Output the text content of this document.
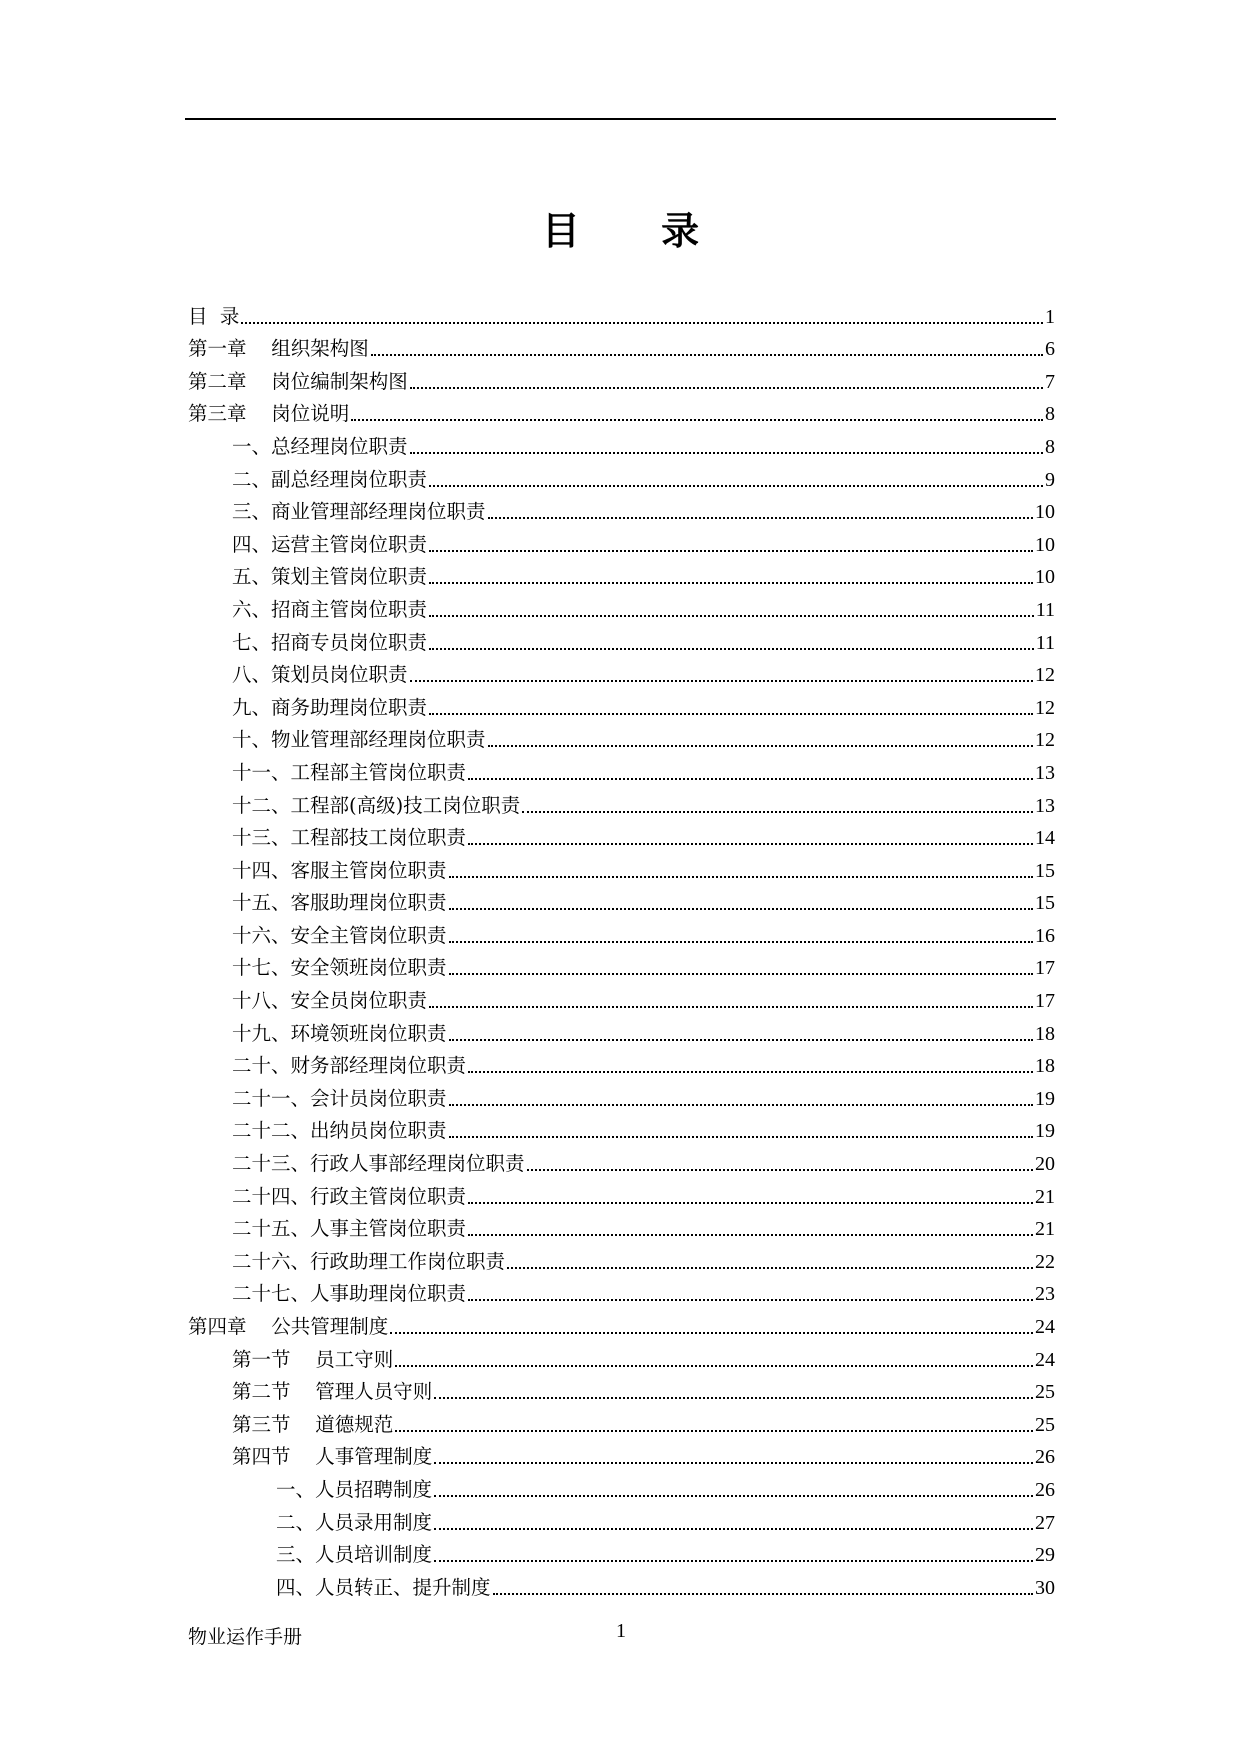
目 录
目  录	1
第一章    组织架构图	6
第二章    岗位编制架构图	7
第三章    岗位说明	8
一、总经理岗位职责	8
二、副总经理岗位职责	9
三、商业管理部经理岗位职责	10
四、运营主管岗位职责	10
五、策划主管岗位职责	10
六、招商主管岗位职责	11
七、招商专员岗位职责	11
八、策划员岗位职责	12
九、商务助理岗位职责	12
十、物业管理部经理岗位职责	12
十一、工程部主管岗位职责	13
十二、工程部(高级)技工岗位职责	13
十三、工程部技工岗位职责	14
十四、客服主管岗位职责	15
十五、客服助理岗位职责	15
十六、安全主管岗位职责	16
十七、安全领班岗位职责	17
十八、安全员岗位职责	17
十九、环境领班岗位职责	18
二十、财务部经理岗位职责	18
二十一、会计员岗位职责	19
二十二、出纳员岗位职责	19
二十三、行政人事部经理岗位职责	20
二十四、行政主管岗位职责	21
二十五、人事主管岗位职责	21
二十六、行政助理工作岗位职责	22
二十七、人事助理岗位职责	23
第四章    公共管理制度	24
第一节    员工守则	24
第二节    管理人员守则	25
第三节    道德规范	25
第四节    人事管理制度	26
一、人员招聘制度	26
二、人员录用制度	27
三、人员培训制度	29
四、人员转正、提升制度	30
物业运作手册	1
